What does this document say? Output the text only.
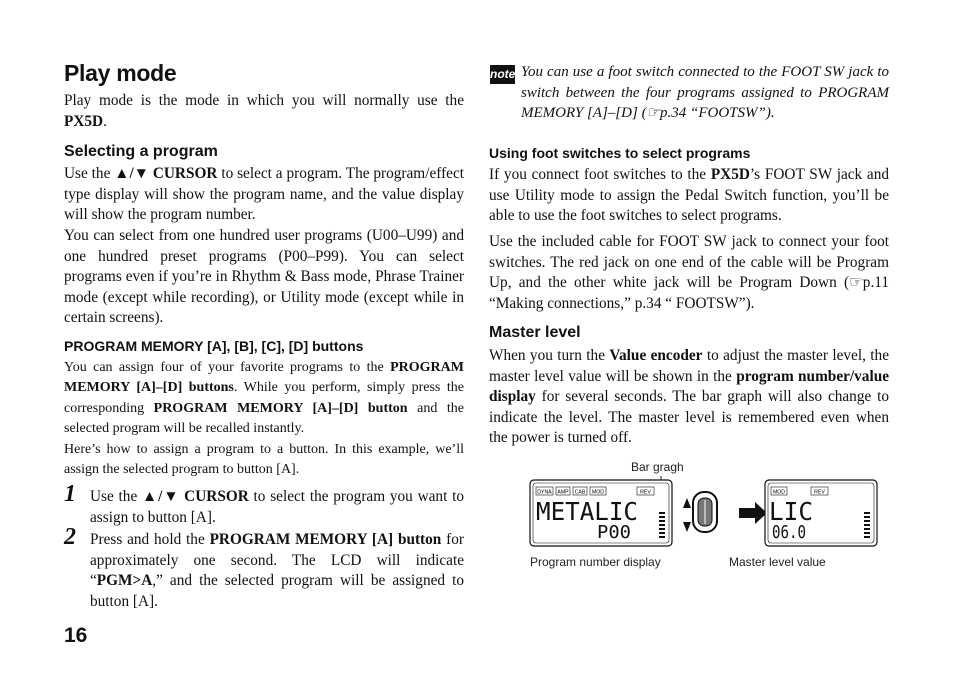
Play mode

Play mode is the mode in which you will normally use the PX5D.

Selecting a program

Use the ▲/▼ CURSOR to select a program. The program/effect type display will show the program name, and the value display will show the program number.

You can select from one hundred user programs (U00–U99) and one hundred preset programs (P00–P99). You can select programs even if you’re in Rhythm & Bass mode, Phrase Trainer mode (except while recording), or Utility mode (except while in certain screens).

PROGRAM MEMORY [A], [B], [C], [D] buttons

You can assign four of your favorite programs to the PROGRAM MEMORY [A]–[D] buttons. While you perform, simply press the corresponding PROGRAM MEMORY [A]–[D] button and the selected program will be recalled instantly.

Here’s how to assign a program to a button. In this example, we’ll assign the selected program to button [A].

1 Use the ▲/▼ CURSOR to select the program you want to assign to button [A].

2 Press and hold the PROGRAM MEMORY [A] button for approximately one second. The LCD will indicate “PGM>A,” and the selected program will be assigned to button [A].

16
note You can use a foot switch connected to the FOOT SW jack to switch between the four programs assigned to PROGRAM MEMORY [A]–[D] (☞p.34 “FOOTSW”).
Using foot switches to select programs

If you connect foot switches to the PX5D’s FOOT SW jack and use Utility mode to assign the Pedal Switch function, you’ll be able to use the foot switches to select programs.

Use the included cable for FOOT SW jack to connect your foot switches. The red jack on one end of the cable will be Program Up, and the other white jack will be Program Down (☞p.11 “Making connections,” p.34 “ FOOTSW”).

Master level

When you turn the Value encoder to adjust the master level, the master level value will be shown in the program number/value display for several seconds. The bar graph will also change to indicate the level. The master level is remembered even when the power is turned off.

Bar gragh
Program number display	Master level value
DYNA AMP CAB MOD	REV
METALIC
P00
MOD	REV
LIC
06.0
